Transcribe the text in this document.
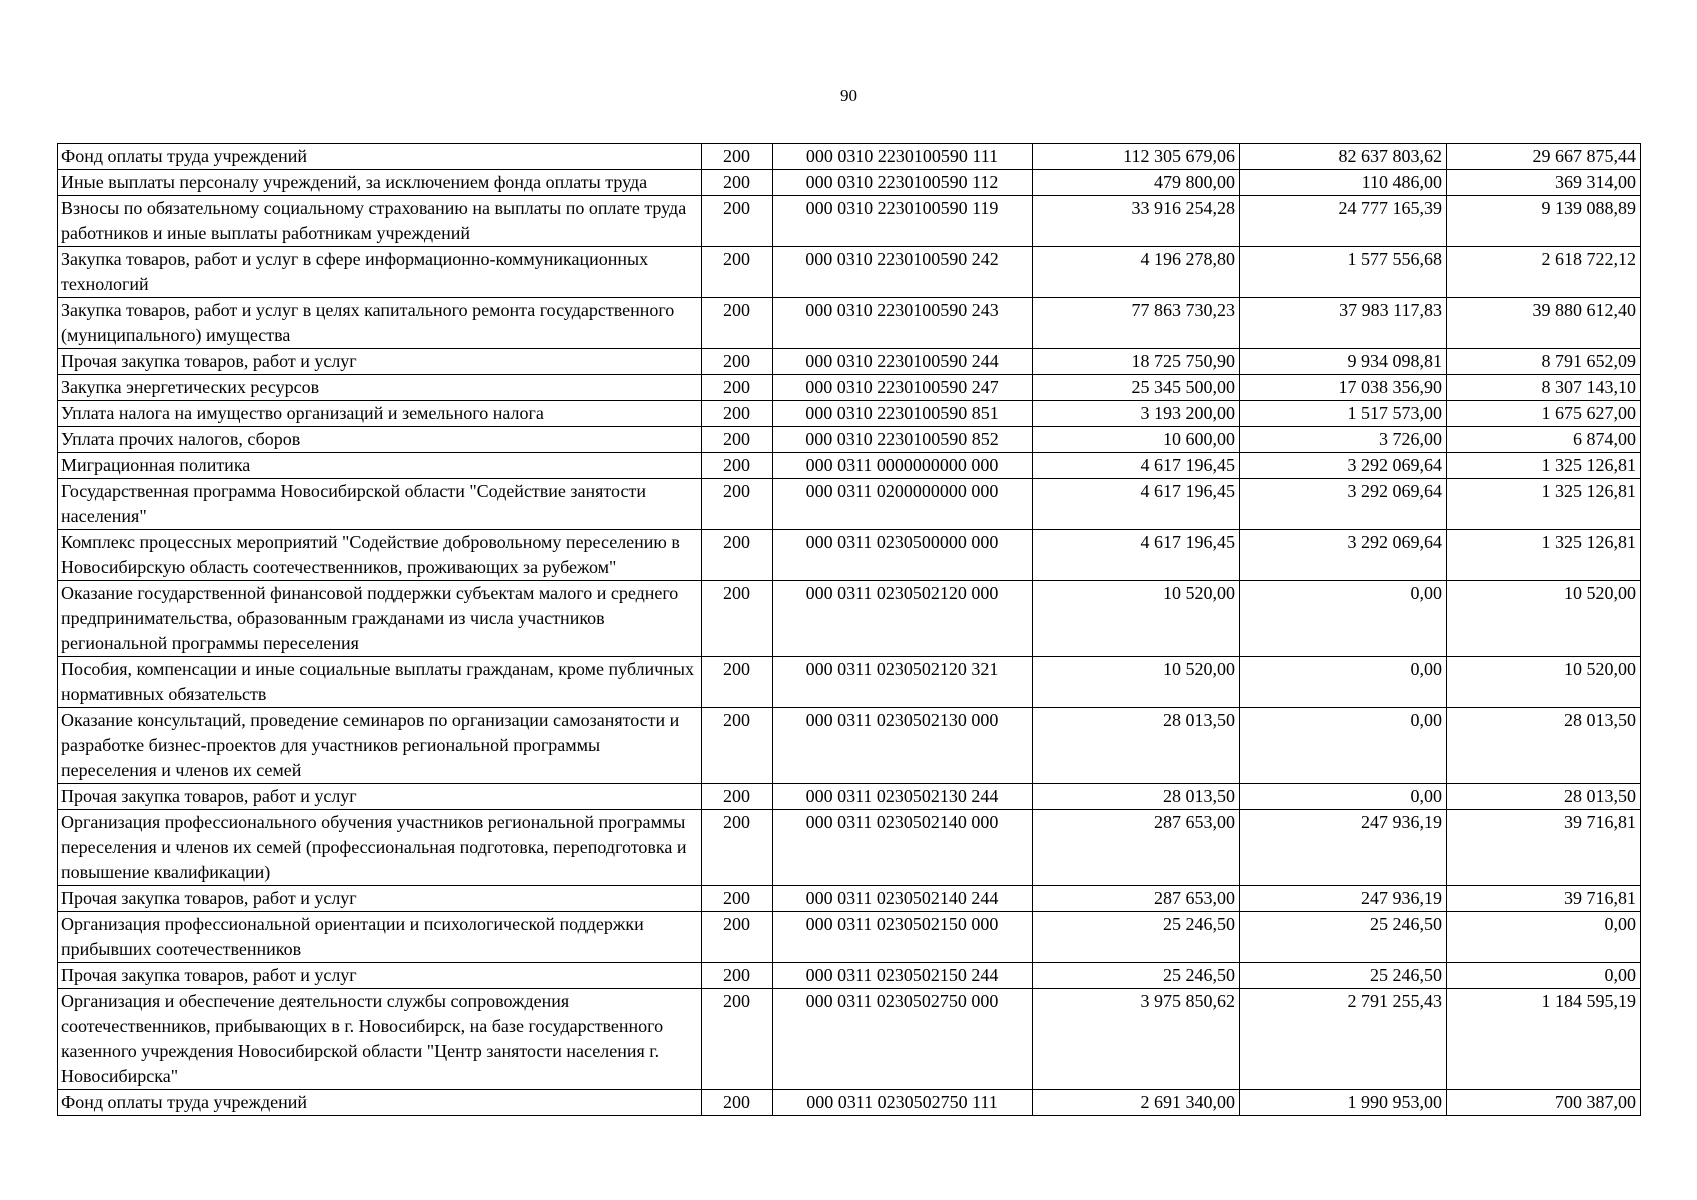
90
Фонд оплаты труда учреждений	200	000 0310 2230100590 111	112 305 679,06	82 637 803,62	29 667 875,44
Иные выплаты персоналу учреждений, за исключением фонда оплаты труда	200	000 0310 2230100590 112	479 800,00	110 486,00	369 314,00
Взносы по обязательному социальному страхованию на выплаты по оплате труда работников и иные выплаты работникам учреждений	200	000 0310 2230100590 119	33 916 254,28	24 777 165,39	9 139 088,89
Закупка товаров, работ и услуг в сфере информационно-коммуникационных технологий	200	000 0310 2230100590 242	4 196 278,80	1 577 556,68	2 618 722,12
Закупка товаров, работ и услуг в целях капитального ремонта государственного (муниципального) имущества	200	000 0310 2230100590 243	77 863 730,23	37 983 117,83	39 880 612,40
Прочая закупка товаров, работ и услуг	200	000 0310 2230100590 244	18 725 750,90	9 934 098,81	8 791 652,09
Закупка энергетических ресурсов	200	000 0310 2230100590 247	25 345 500,00	17 038 356,90	8 307 143,10
Уплата налога на имущество организаций и земельного налога	200	000 0310 2230100590 851	3 193 200,00	1 517 573,00	1 675 627,00
Уплата прочих налогов, сборов	200	000 0310 2230100590 852	10 600,00	3 726,00	6 874,00
Миграционная политика	200	000 0311 0000000000 000	4 617 196,45	3 292 069,64	1 325 126,81
Государственная программа Новосибирской области "Содействие занятости населения"	200	000 0311 0200000000 000	4 617 196,45	3 292 069,64	1 325 126,81
Комплекс процессных мероприятий "Содействие добровольному переселению в Новосибирскую область соотечественников, проживающих за рубежом"	200	000 0311 0230500000 000	4 617 196,45	3 292 069,64	1 325 126,81
Оказание государственной финансовой поддержки субъектам малого и среднего предпринимательства, образованным гражданами из числа участников региональной программы переселения	200	000 0311 0230502120 000	10 520,00	0,00	10 520,00
Пособия, компенсации и иные социальные выплаты гражданам, кроме публичных нормативных обязательств	200	000 0311 0230502120 321	10 520,00	0,00	10 520,00
Оказание консультаций, проведение семинаров по организации самозанятости и разработке бизнес-проектов для участников региональной программы переселения и членов их семей	200	000 0311 0230502130 000	28 013,50	0,00	28 013,50
Прочая закупка товаров, работ и услуг	200	000 0311 0230502130 244	28 013,50	0,00	28 013,50
Организация профессионального обучения участников региональной программы переселения и членов их семей (профессиональная подготовка, переподготовка и повышение квалификации)	200	000 0311 0230502140 000	287 653,00	247 936,19	39 716,81
Прочая закупка товаров, работ и услуг	200	000 0311 0230502140 244	287 653,00	247 936,19	39 716,81
Организация профессиональной ориентации и психологической поддержки прибывших соотечественников	200	000 0311 0230502150 000	25 246,50	25 246,50	0,00
Прочая закупка товаров, работ и услуг	200	000 0311 0230502150 244	25 246,50	25 246,50	0,00
Организация и обеспечение деятельности службы сопровождения соотечественников, прибывающих в г. Новосибирск, на базе государственного казенного учреждения Новосибирской области "Центр занятости населения г. Новосибирска"	200	000 0311 0230502750 000	3 975 850,62	2 791 255,43	1 184 595,19
Фонд оплаты труда учреждений	200	000 0311 0230502750 111	2 691 340,00	1 990 953,00	700 387,00
